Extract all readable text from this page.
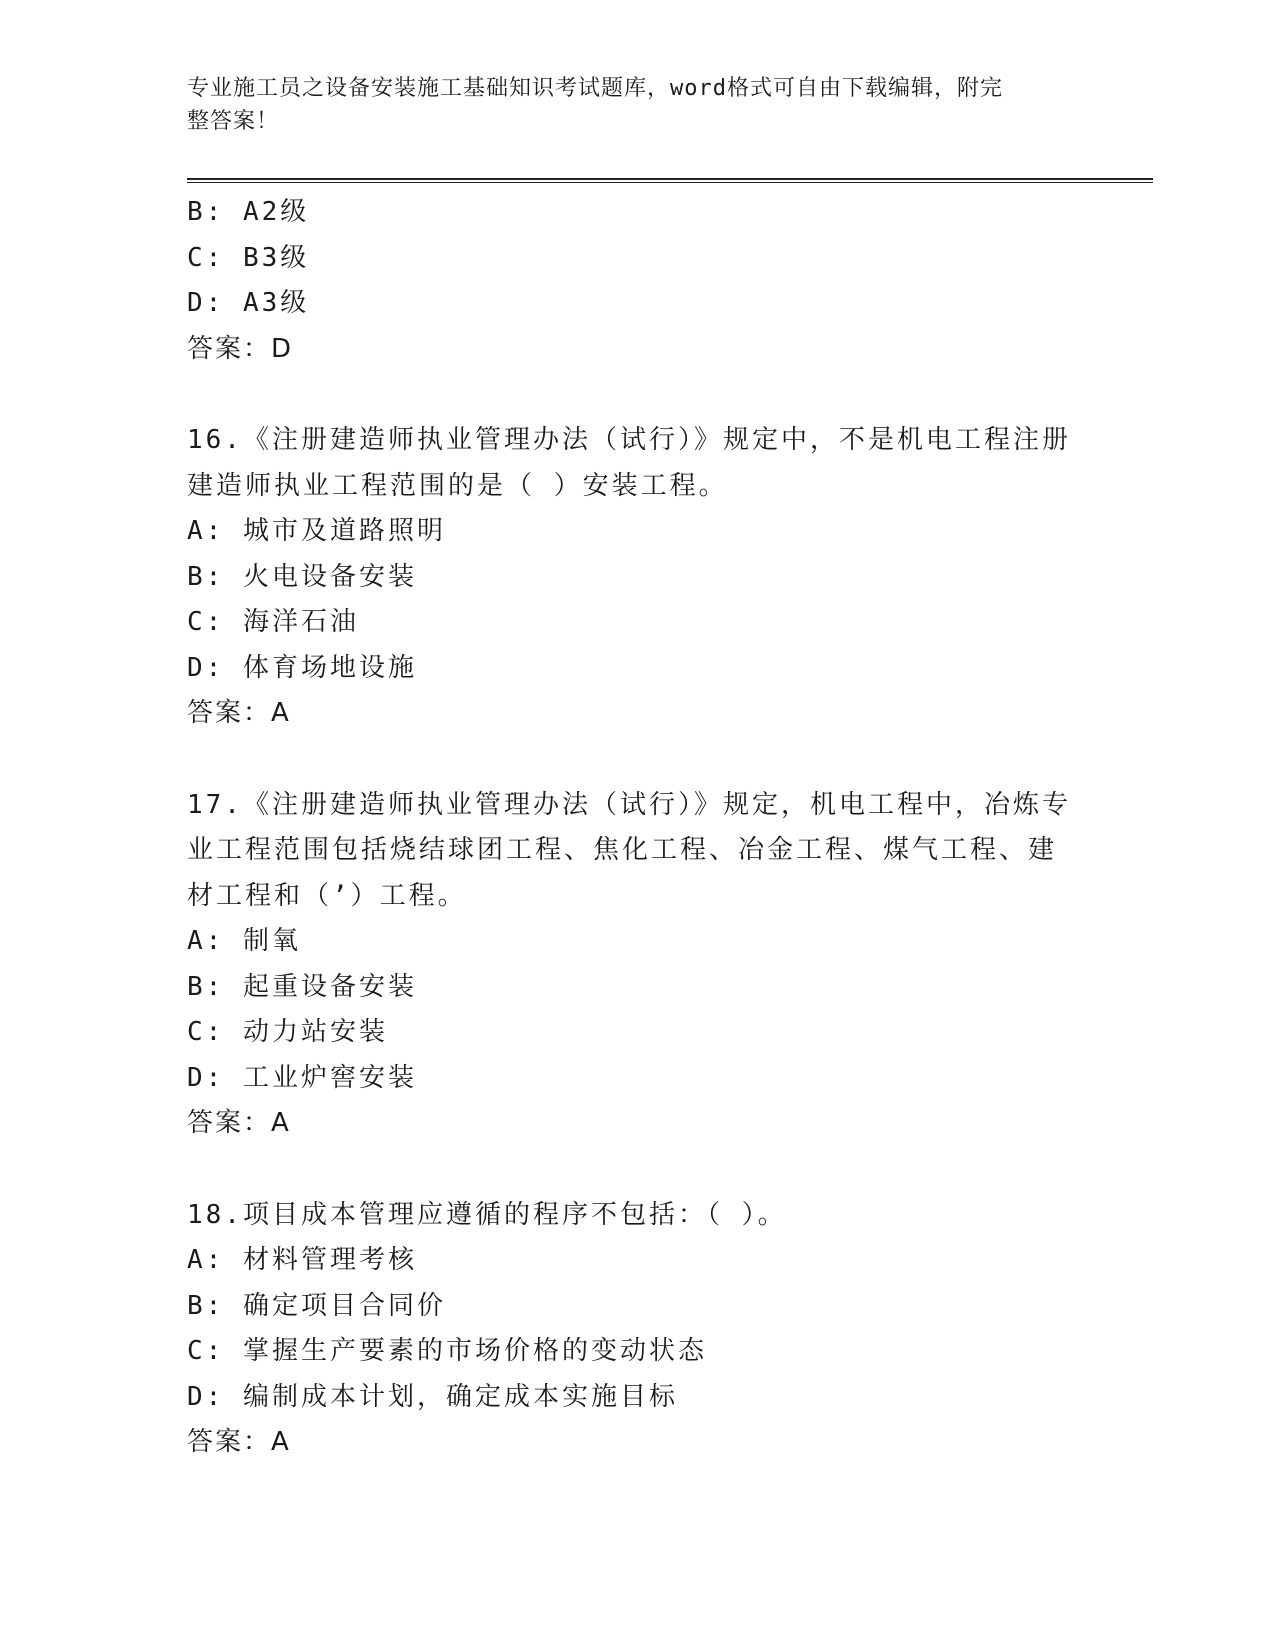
专业施工员之设备安装施工基础知识考试题库，word格式可自由下载编辑，附完
整答案！
B: A2级
C: B3级
D: A3级
答案：D
16.《注册建造师执业管理办法（试行）》规定中，不是机电工程注册
建造师执业工程范围的是（ ）安装工程。
A: 城市及道路照明
B: 火电设备安装
C: 海洋石油
D: 体育场地设施
答案：A
17.《注册建造师执业管理办法（试行）》规定，机电工程中，冶炼专
业工程范围包括烧结球团工程、焦化工程、冶金工程、煤气工程、建
材工程和（’）工程。
A: 制氧
B: 起重设备安装
C: 动力站安装
D: 工业炉窖安装
答案：A
18.项目成本管理应遵循的程序不包括：（ ）。
A: 材料管理考核
B: 确定项目合同价
C: 掌握生产要素的市场价格的变动状态
D: 编制成本计划，确定成本实施目标
答案：A
